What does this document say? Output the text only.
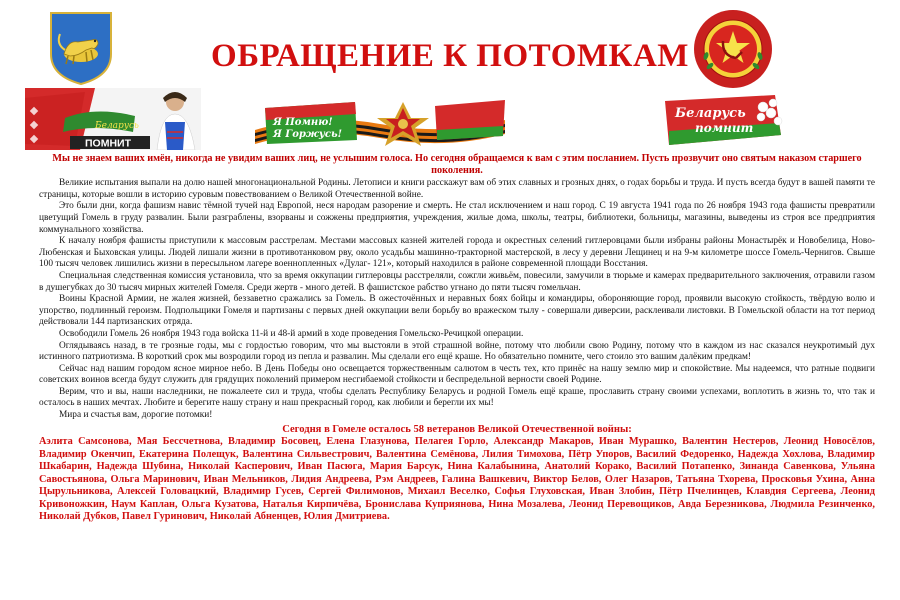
ОБРАЩЕНИЕ К ПОТОМКАМ
Беларусь
ПОМНИТ
Я Помню!
Я Горжусь!
Беларусь
помнит

Мы не знаем ваших имён, никогда не увидим ваших лиц, не услышим голоса. Но сегодня обращаемся к вам с этим посланием. Пусть прозвучит оно святым наказом старшего поколения.

Великие испытания выпали на долю нашей многонациональной Родины. Летописи и книги расскажут вам об этих славных и грозных днях, о годах борьбы и труда. И пусть всегда будут в вашей памяти те страницы, которые вошли в историю суровым повествованием о Великой Отечественной войне.

Это были дни, когда фашизм навис тёмной тучей над Европой, неся народам разорение и смерть. Не стал исключением и наш город. С 19 августа 1941 года по 26 ноября 1943 года фашисты превратили цветущий Гомель в груду развалин. Были разграблены, взорваны и сожжены предприятия, учреждения, жилые дома, школы, театры, библиотеки, больницы, магазины, выведены из строя все предприятия коммунального хозяйства.

К началу ноября фашисты приступили к массовым расстрелам. Местами массовых казней жителей города и окрестных селений гитлеровцами были избраны районы Монастырёк и Новобелица, Ново-Любенская и Быховская улицы. Людей лишали жизни в противотанковом рву, около усадьбы машинно-тракторной мастерской, в лесу у деревни Лещинец и на 9-м километре шоссе Гомель-Чернигов. Свыше 100 тысяч человек лишились жизни в пересыльном лагере военнопленных «Дулаг- 121», который находился в районе современной площади Восстания.

Специальная следственная комиссия установила, что за время оккупации гитлеровцы расстреляли, сожгли живьём, повесили, замучили в тюрьме и камерах предварительного заключения, отравили газом в душегубках до 30 тысяч мирных жителей Гомеля. Среди жертв - много детей. В фашистское рабство угнано до пяти тысяч гомельчан.

Воины Красной Армии, не жалея жизней, беззаветно сражались за Гомель. В ожесточённых и неравных боях бойцы и командиры, обороняющие город, проявили высокую стойкость, твёрдую волю и упорство, подлинный героизм. Подпольщики Гомеля и партизаны с первых дней оккупации вели борьбу во вражеском тылу - совершали диверсии, расклеивали листовки. В Гомельской области на тот период действовали 144 партизанских отряда.

Освободили Гомель 26 ноября 1943 года войска 11-й и 48-й армий в ходе проведения Гомельско-Речицкой операции.

Оглядываясь назад, в те грозные годы, мы с гордостью говорим, что мы выстояли в этой страшной войне, потому что любили свою Родину, потому что в каждом из нас сказался неукротимый дух истинного патриотизма. В короткий срок мы возродили город из пепла и развалин. Мы сделали его ещё краше. Но обязательно помните, чего стоило это вашим далёким предкам!

Сейчас над нашим городом ясное мирное небо. В День Победы оно освещается торжественным салютом в честь тех, кто принёс на нашу землю мир и спокойствие. Мы надеемся, что ратные подвиги советских воинов всегда будут служить для грядущих поколений примером несгибаемой стойкости и беспредельной верности своей Родине.

Верим, что и вы, наши наследники, не пожалеете сил и труда, чтобы сделать Республику Беларусь и родной Гомель ещё краше, прославить страну своими успехами, воплотить в жизнь то, что так и осталось в наших мечтах. Любите и берегите нашу страну и наш прекрасный город, как любили и берегли их мы!

Мира и счастья вам, дорогие потомки!

Сегодня в Гомеле осталось 58 ветеранов Великой Отечественной войны:
Аэлита Самсонова, Мая Бессчетнова, Владимир Босовец, Елена Глазунова, Пелагея Горло, Александр Макаров, Иван Мурашко, Валентин Нестеров, Леонид Новосёлов, Владимир Окенчип, Екатерина Полещук, Валентина Сильвестрович, Валентина Семёнова, Лилия Тимохова, Пётр Упоров, Василий Федоренко, Надежда Хохлова, Владимир Шкабарин, Надежда Шубина, Николай Касперович, Иван Пасюга, Мария Барсук, Нина Калабынина, Анатолий Корако, Василий Потапенко, Зинанда Савенкова, Ульяна Савостьянова, Ольга Маринович, Иван Мельников, Лидия Андреева, Рэм Андреев, Галина Вашкевич, Виктор Белов, Олег Назаров, Татьяна Тхорева, Просковья Ухина, Анна Цырульникова, Алексей Головацкий, Владимир Гусев, Сергей Филимонов, Михаил Веселко, Софья Глуховская, Иван Злобин, Пётр Пчелинцев, Клавдия Сергеева, Леонид Кривоножкин, Наум Каплан, Ольга Кузатова, Наталья Кирпичёва, Бронислава Куприянова, Нина Мозалева, Леонид Перевощиков, Авда Березникова, Людмила Резинченко, Николай Дубков, Павел Гуринович, Николай Абненцев, Юлия Дмитриева.
